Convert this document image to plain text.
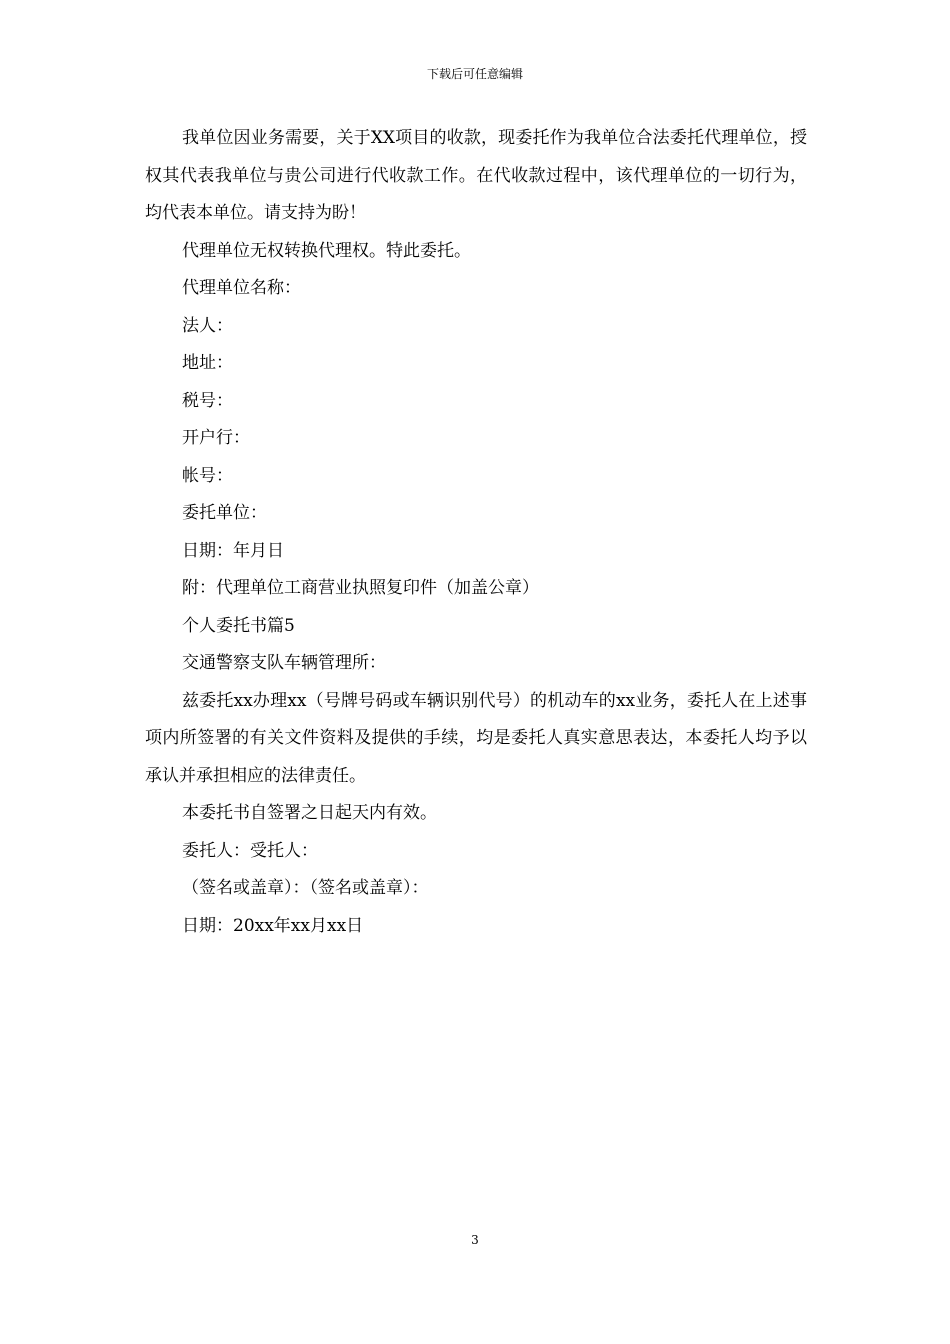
下载后可任意编辑

我单位因业务需要，关于XX项目的收款，现委托作为我单位合法委托代理单位，授权其代表我单位与贵公司进行代收款工作。在代收款过程中，该代理单位的一切行为，均代表本单位。请支持为盼！

代理单位无权转换代理权。特此委托。

代理单位名称：

法人：

地址：

税号：

开户行：

帐号：

委托单位：

日期：年月日

附：代理单位工商营业执照复印件（加盖公章）

个人委托书篇5

交通警察支队车辆管理所：

兹委托xx办理xx（号牌号码或车辆识别代号）的机动车的xx业务，委托人在上述事项内所签署的有关文件资料及提供的手续，均是委托人真实意思表达，本委托人均予以承认并承担相应的法律责任。

本委托书自签署之日起天内有效。

委托人：受托人：

（签名或盖章）：（签名或盖章）：

日期：20xx年xx月xx日

3
